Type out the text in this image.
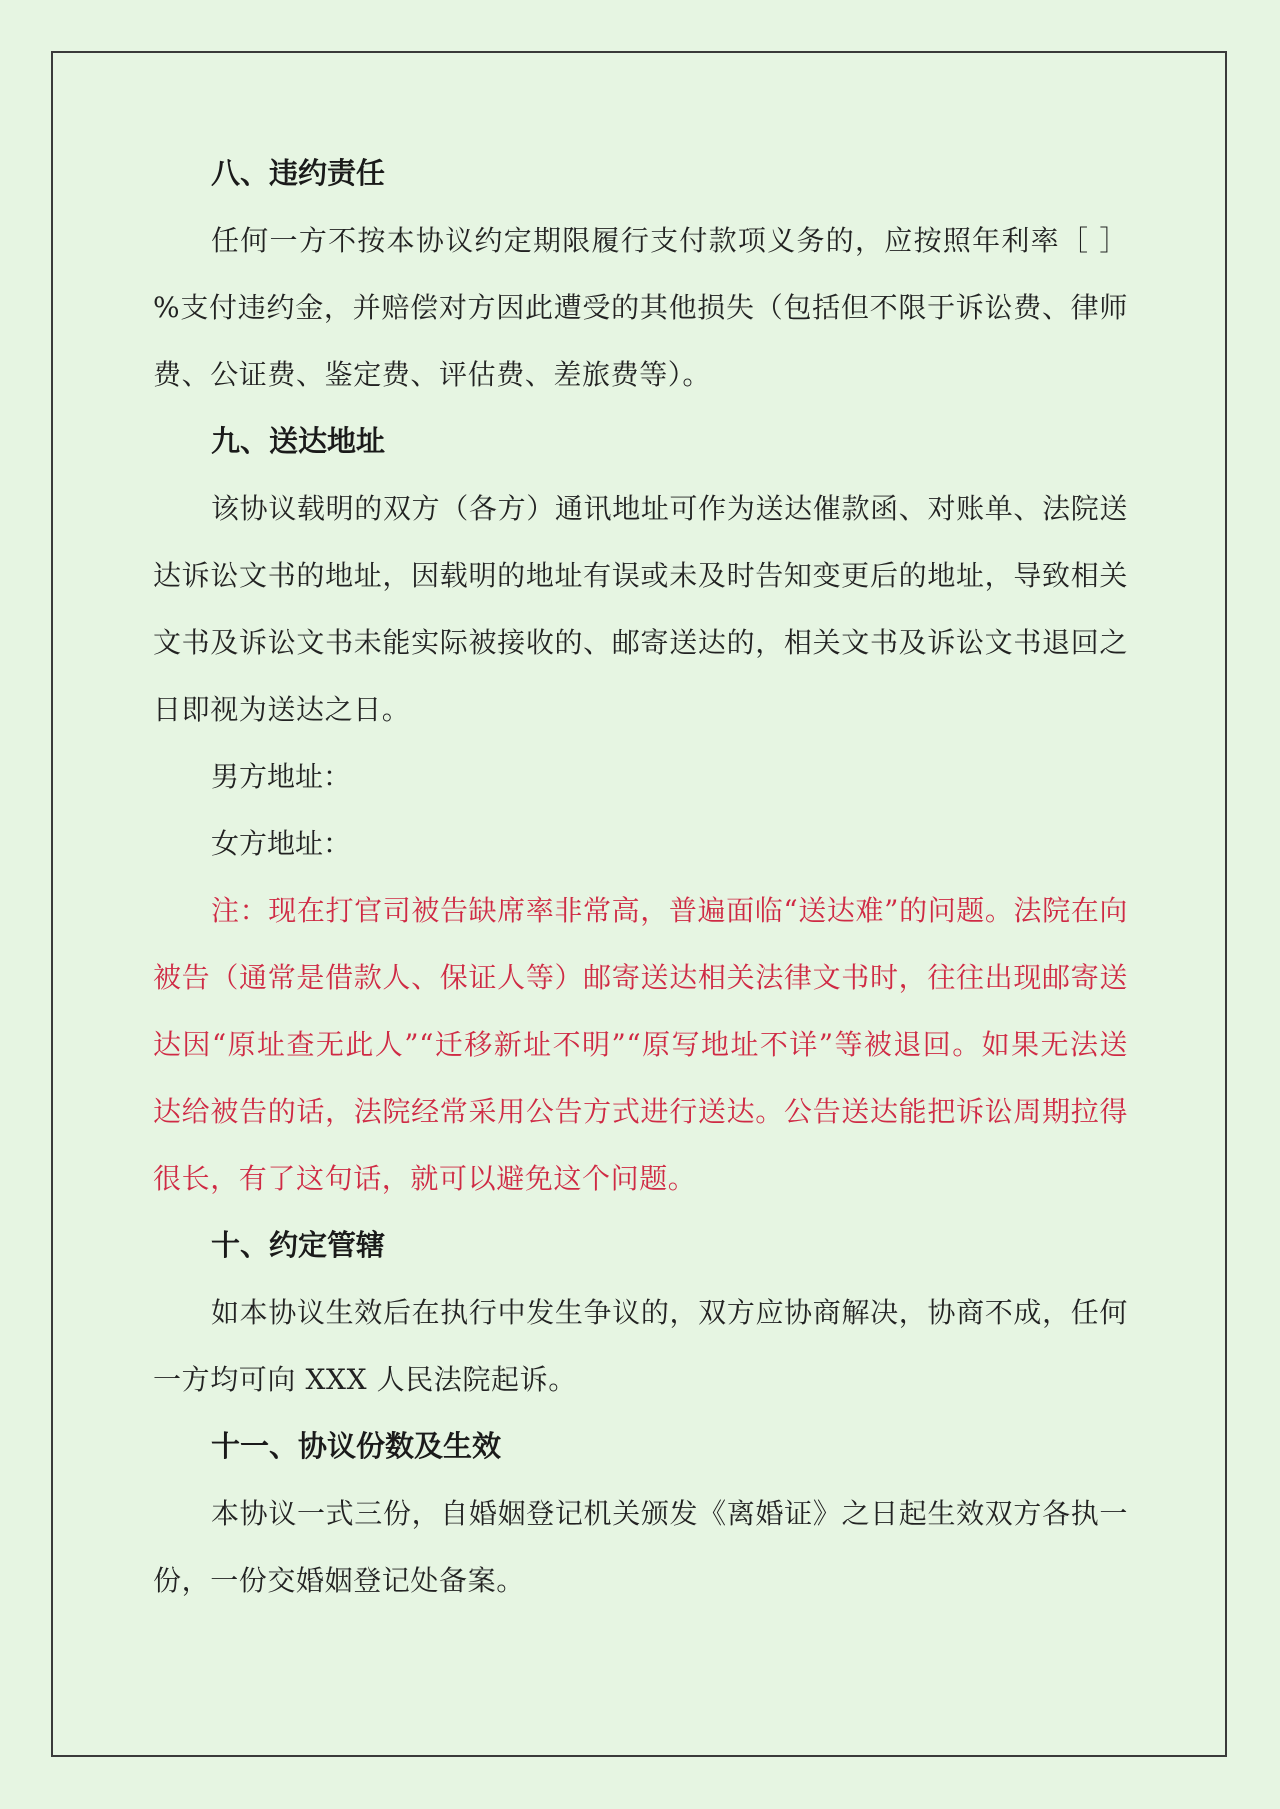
八、违约责任

任何一方不按本协议约定期限履行支付款项义务的，应按照年利率［ ］%支付违约金，并赔偿对方因此遭受的其他损失（包括但不限于诉讼费、律师费、公证费、鉴定费、评估费、差旅费等）。

九、送达地址

该协议载明的双方（各方）通讯地址可作为送达催款函、对账单、法院送达诉讼文书的地址，因载明的地址有误或未及时告知变更后的地址，导致相关文书及诉讼文书未能实际被接收的、邮寄送达的，相关文书及诉讼文书退回之日即视为送达之日。

男方地址：
女方地址：

注：现在打官司被告缺席率非常高，普遍面临“送达难”的问题。法院在向被告（通常是借款人、保证人等）邮寄送达相关法律文书时，往往出现邮寄送达因“原址查无此人”“迁移新址不明”“原写地址不详”等被退回。如果无法送达给被告的话，法院经常采用公告方式进行送达。公告送达能把诉讼周期拉得很长，有了这句话，就可以避免这个问题。

十、约定管辖

如本协议生效后在执行中发生争议的，双方应协商解决，协商不成，任何一方均可向 XXX 人民法院起诉。

十一、协议份数及生效

本协议一式三份，自婚姻登记机关颁发《离婚证》之日起生效双方各执一份，一份交婚姻登记处备案。
